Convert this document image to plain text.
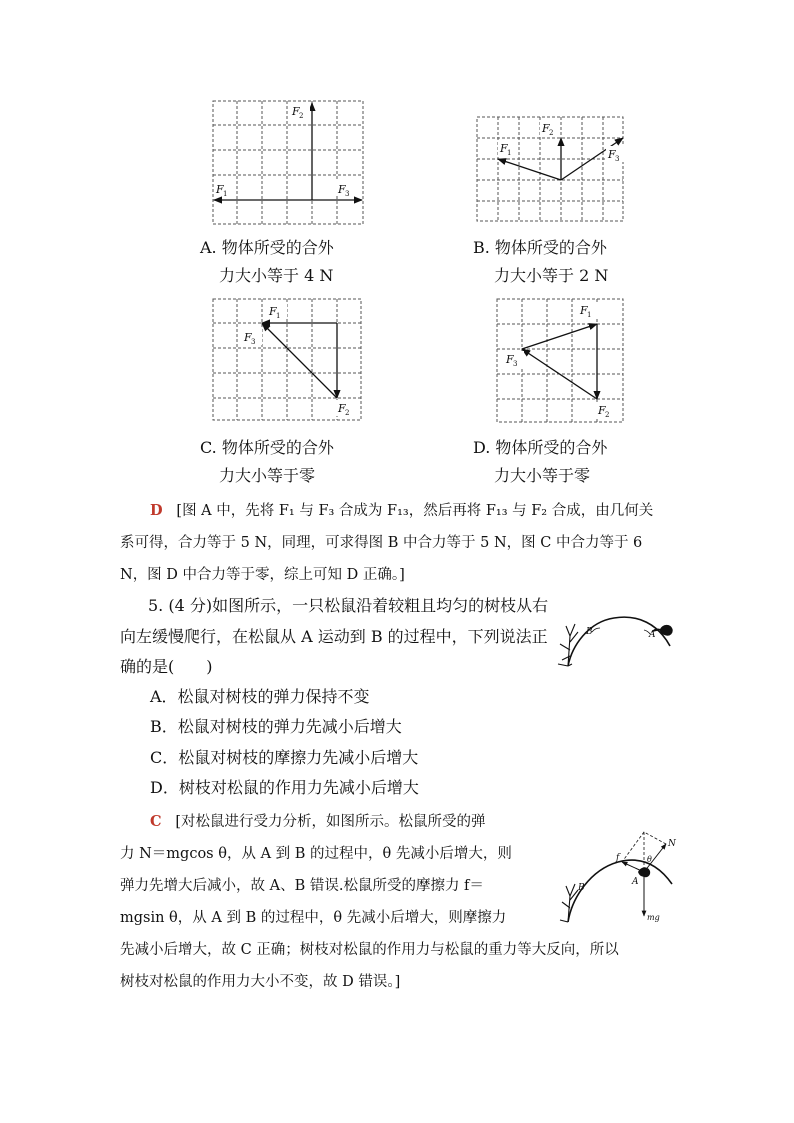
F 2
F 1	F 3
A. 物体所受的合外
力大小等于 4 N
F 2
F 1	F 3
B. 物体所受的合外
力大小等于 2 N
F 1
F 3
F 2
C. 物体所受的合外
力大小等于零
F 1
F 3
F 2
D. 物体所受的合外
力大小等于零
D [图 A 中，先将 F₁ 与 F₃ 合成为 F₁₃，然后再将 F₁₃ 与 F₂ 合成，由几何关
系可得，合力等于 5 N，同理，可求得图 B 中合力等于 5 N，图 C 中合力等于 6
N，图 D 中合力等于零，综上可知 D 正确。]
5. (4 分)如图所示，一只松鼠沿着较粗且均匀的树枝从右
向左缓慢爬行，在松鼠从 A 运动到 B 的过程中，下列说法正
确的是(　　)
B	A
A．松鼠对树枝的弹力保持不变
B．松鼠对树枝的弹力先减小后增大
C．松鼠对树枝的摩擦力先减小后增大
D．树枝对松鼠的作用力先减小后增大
C [对松鼠进行受力分析，如图所示。松鼠所受的弹
力 N＝mgcos θ，从 A 到 B 的过程中，θ 先减小后增大，则
弹力先增大后减小，故 A、B 错误.松鼠所受的摩擦力 f＝
mgsin θ，从 A 到 B 的过程中，θ 先减小后增大，则摩擦力
先减小后增大，故 C 正确；树枝对松鼠的作用力与松鼠的重力等大反向，所以
树枝对松鼠的作用力大小不变，故 D 错误。]
N
f	θ
B
A
mg
